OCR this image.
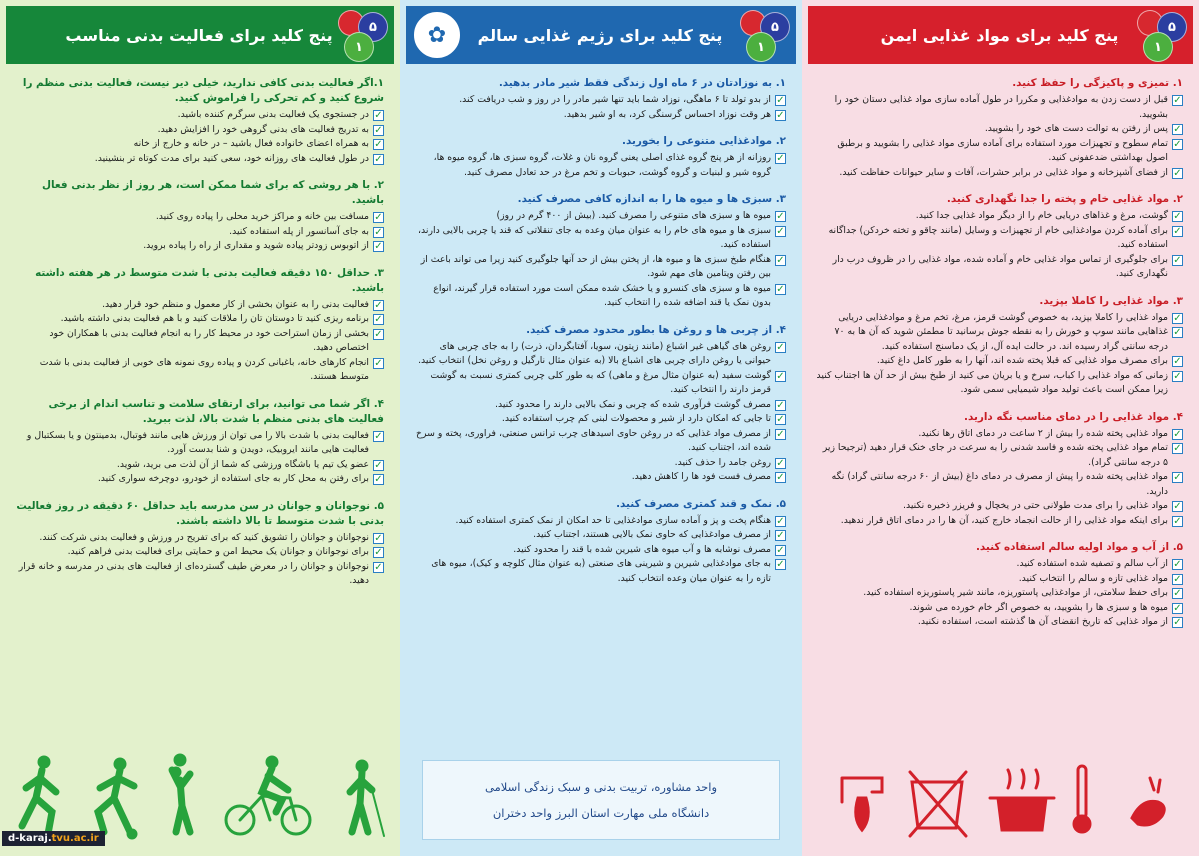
پنج کلید برای فعالیت بدنی مناسب	۵
۱
۱.اگر فعالیت بدنی کافی ندارید، خیلی دیر نیست، فعالیت بدنی منظم را شروع کنید و کم تحرکی را فراموش کنید.
✓
در جستجوی یک فعالیت بدنی سرگرم کننده باشید.
✓
به تدریج فعالیت های بدنی گروهی خود را افزایش دهید.
✓
به همراه اعضای خانواده فعال باشید – در خانه و خارج از خانه
✓
در طول فعالیت های روزانه خود، سعی کنید برای مدت کوتاه تر بنشینید.
۲. با هر روشی که برای شما ممکن است، هر روز از نظر بدنی فعال باشید.
✓
مسافت بین خانه و مراکز خرید محلی را پیاده روی کنید.
✓
به جای آسانسور از پله استفاده کنید.
✓
از اتوبوس زودتر پیاده شوید و مقداری از راه را پیاده بروید.
۳. حداقل ۱۵۰ دقیقه فعالیت بدنی با شدت متوسط در هر هفته داشته باشید.
✓
فعالیت بدنی را به عنوان بخشی از کار معمول و منظم خود قرار دهید.
✓
برنامه ریزی کنید تا دوستان تان را ملاقات کنید و با هم فعالیت بدنی داشته باشید.
✓
بخشی از زمان استراحت خود در محیط کار را به انجام فعالیت بدنی با همکاران خود اختصاص دهید.
✓
انجام کارهای خانه، باغبانی کردن و پیاده روی نمونه های خوبی از فعالیت بدنی با شدت متوسط هستند.
۴. اگر شما می توانید، برای ارتقای سلامت و تناسب اندام از برخی فعالیت های بدنی منظم با شدت بالا، لذت ببرید.
✓
فعالیت بدنی با شدت بالا را می توان از ورزش هایی مانند فوتبال، بدمینتون و یا بسکتبال و فعالیت هایی مانند ایروبیک، دویدن و شنا بدست آورد.
✓
عضو یک تیم یا باشگاه ورزشی که شما از آن لذت می برید، شوید.
✓
برای رفتن به محل کار به جای استفاده از خودرو، دوچرخه سواری کنید.
۵. نوجوانان و جوانان در سن مدرسه باید حداقل ۶۰ دقیقه در روز فعالیت بدنی با شدت متوسط تا بالا داشته باشند.
✓
نوجوانان و جوانان را تشویق کنید که برای تفریح در ورزش و فعالیت بدنی شرکت کنند.
✓
برای نوجوانان و جوانان یک محیط امن و حمایتی برای فعالیت بدنی فراهم کنید.
✓
نوجوانان و جوانان را در معرض طیف گسترده‌ای از فعالیت های بدنی در مدرسه و خانه قرار دهید.
d-karaj.tvu.ac.ir
پنج کلید برای رژیم غذایی سالم	۵
۱
✿
۱. به نوزادتان در ۶ ماه اول زندگی فقط شیر مادر بدهید.
✓
از بدو تولد تا ۶ ماهگی، نوزاد شما باید تنها شیر مادر را در روز و شب دریافت کند.
✓
هر وقت نوزاد احساس گرسنگی کرد، به او شیر بدهید.
۲. موادغذایی متنوعی را بخورید.
✓
روزانه از هر پنج گروه غذای اصلی یعنی گروه نان و غلات، گروه سبزی ها، گروه میوه ها، گروه شیر و لبنیات و گروه گوشت، حبوبات و تخم مرغ در حد تعادل مصرف کنید.
۳. سبزی ها و میوه ها را به اندازه کافی مصرف کنید.
✓
میوه ها و سبزی های متنوعی را مصرف کنید. (بیش از ۴۰۰ گرم در روز)
✓
سبزی ها و میوه های خام را به عنوان میان وعده به جای تنقلاتی که قند یا چربی بالایی دارند، استفاده کنید.
✓
هنگام طبخ سبزی ها و میوه ها، از پختن بیش از حد آنها جلوگیری کنید زیرا می تواند باعث از بین رفتن ویتامین های مهم شود.
✓
میوه ها و سبزی های کنسرو و یا خشک شده ممکن است مورد استفاده قرار گیرند، انواع بدون نمک یا قند اضافه شده را انتخاب کنید.
۴. از چربی ها و روغن ها بطور محدود مصرف کنید.
✓
روغن های گیاهی غیر اشباع (مانند زیتون، سویا، آفتابگردان، ذرت) را به جای چربی های حیوانی یا روغن دارای چربی های اشباع بالا (به عنوان مثال نارگیل و روغن نخل) انتخاب کنید.
✓
گوشت سفید (به عنوان مثال مرغ و ماهی) که به طور کلی چربی کمتری نسبت به گوشت قرمز دارند را انتخاب کنید.
✓
مصرف گوشت فرآوری شده که چربی و نمک بالایی دارند را محدود کنید.
✓
تا جایی که امکان دارد از شیر و محصولات لبنی کم چرب استفاده کنید.
✓
از مصرف مواد غذایی که در روغن حاوی اسیدهای چرب ترانس صنعتی، فراوری، پخته و سرخ شده اند، اجتناب کنید.
✓
روغن جامد را حذف کنید.
✓
مصرف فست فود ها را کاهش دهید.
۵. نمک و قند کمتری مصرف کنید.
✓
هنگام پخت و پز و آماده سازی موادغذایی تا حد امکان از نمک کمتری استفاده کنید.
✓
از مصرف موادغذایی که حاوی نمک بالایی هستند، اجتناب کنید.
✓
مصرف نوشابه ها و آب میوه های شیرین شده با قند را محدود کنید.
✓
به جای موادغذایی شیرین و شیرینی های صنعتی (به عنوان مثال کلوچه و کیک)، میوه های تازه را به عنوان میان وعده انتخاب کنید.
واحد مشاوره، تربیت بدنی و سبک زندگی اسلامی
دانشگاه ملی مهارت استان البرز واحد دختران
پنج کلید برای مواد غذایی ایمن	۵
۱
۱. تمیزی و پاکیزگی را حفظ کنید.
✓
قبل از دست زدن به موادغذایی و مکررا در طول آماده سازی مواد غذایی دستان خود را بشویید.
✓
پس از رفتن به توالت دست های خود را بشویید.
✓
تمام سطوح و تجهیزات مورد استفاده برای آماده سازی مواد غذایی را بشویید و برطبق اصول بهداشتی ضدعفونی کنید.
✓
از فضای آشپزخانه و مواد غذایی در برابر حشرات، آفات و سایر حیوانات حفاظت کنید.
۲. مواد غذایی خام و پخته را جدا نگهداری کنید.
✓
گوشت، مرغ و غذاهای دریایی خام را از دیگر مواد غذایی جدا کنید.
✓
برای آماده کردن موادغذایی خام از تجهیزات و وسایل (مانند چاقو و تخته خردکن) جداگانه استفاده کنید.
✓
برای جلوگیری از تماس مواد غذایی خام و آماده شده، مواد غذایی را در ظروف درب دار نگهداری کنید.
۳. مواد غذایی را کاملا بپزید.
✓
مواد غذایی را کاملا بپزید، به خصوص گوشت قرمز، مرغ، تخم مرغ و موادغذایی دریایی
✓
غذاهایی مانند سوپ و خورش را به نقطه جوش برسانید تا مطمئن شوید که آن ها به ۷۰ درجه سانتی گراد رسیده اند. در حالت ایده آل، از یک دماسنج استفاده کنید.
✓
برای مصرف مواد غذایی که قبلا پخته شده اند، آنها را به طور کامل داغ کنید.
✓
زمانی که مواد غذایی را کباب، سرخ و یا بریان می کنید از طبخ بیش از حد آن ها اجتناب کنید زیرا ممکن است باعث تولید مواد شیمیایی سمی شود.
۴. مواد غذایی را در دمای مناسب نگه دارید.
✓
مواد غذایی پخته شده را بیش از ۲ ساعت در دمای اتاق رها نکنید.
✓
تمام مواد غذایی پخته شده و فاسد شدنی را به سرعت در جای خنک قرار دهید (ترجیحا زیر ۵ درجه سانتی گراد).
✓
مواد غذایی پخته شده را پیش از مصرف در دمای داغ (بیش از ۶۰ درجه سانتی گراد) نگه دارید.
✓
مواد غذایی را برای مدت طولانی حتی در یخچال و فریزر ذخیره نکنید.
✓
برای اینکه مواد غذایی را از حالت انجماد خارج کنید، آن ها را در دمای اتاق قرار ندهید.
۵. از آب و مواد اولیه سالم استفاده کنید.
✓
از آب سالم و تصفیه شده استفاده کنید.
✓
مواد غذایی تازه و سالم را انتخاب کنید.
✓
برای حفظ سلامتی، از موادغذایی پاستوریزه، مانند شیر پاستوریزه استفاده کنید.
✓
میوه ها و سبزی ها را بشویید، به خصوص اگر خام خورده می شوند.
✓
از مواد غذایی که تاریخ انقضای آن ها گذشته است، استفاده نکنید.
